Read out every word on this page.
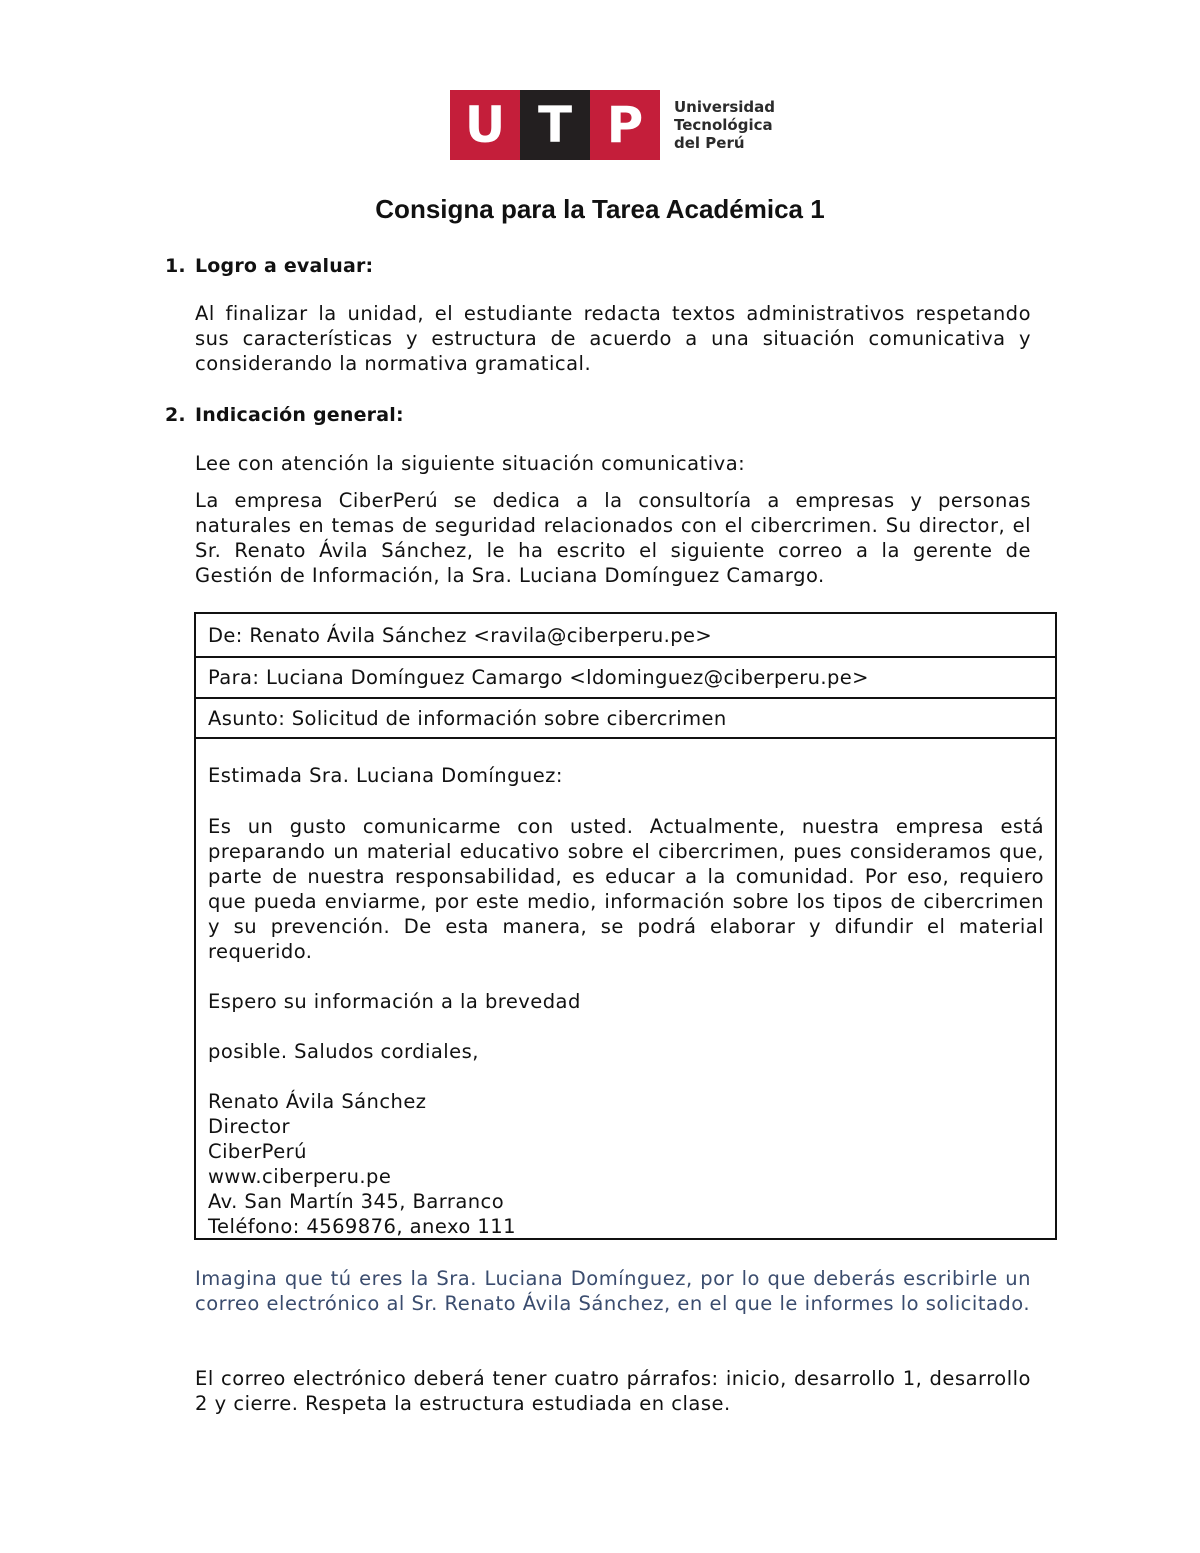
U T P	Universidad
Tecnológica
del Perú
Consigna para la Tarea Académica 1
1. Logro a evaluar:

Al finalizar la unidad, el estudiante redacta textos administrativos respetando sus características y estructura de acuerdo a una situación comunicativa y considerando la normativa gramatical.

2. Indicación general:

Lee con atención la siguiente situación comunicativa:

La empresa CiberPerú se dedica a la consultoría a empresas y personas naturales en temas de seguridad relacionados con el cibercrimen. Su director, el Sr. Renato Ávila Sánchez, le ha escrito el siguiente correo a la gerente de Gestión de Información, la Sra. Luciana Domínguez Camargo.

De: Renato Ávila Sánchez <ravila@ciberperu.pe>
Para: Luciana Domínguez Camargo <ldominguez@ciberperu.pe>
Asunto: Solicitud de información sobre cibercrimen

Estimada Sra. Luciana Domínguez:

Es un gusto comunicarme con usted. Actualmente, nuestra empresa está preparando un material educativo sobre el cibercrimen, pues consideramos que, parte de nuestra responsabilidad, es educar a la comunidad. Por eso, requiero que pueda enviarme, por este medio, información sobre los tipos de cibercrimen y su prevención. De esta manera, se podrá elaborar y difundir el material requerido.

Espero su información a la brevedad

posible. Saludos cordiales,

Renato Ávila Sánchez
Director
CiberPerú
www.ciberperu.pe
Av. San Martín 345, Barranco
Teléfono: 4569876, anexo 111

Imagina que tú eres la Sra. Luciana Domínguez, por lo que deberás escribirle un correo electrónico al Sr. Renato Ávila Sánchez, en el que le informes lo solicitado.

El correo electrónico deberá tener cuatro párrafos: inicio, desarrollo 1, desarrollo 2 y cierre. Respeta la estructura estudiada en clase.
